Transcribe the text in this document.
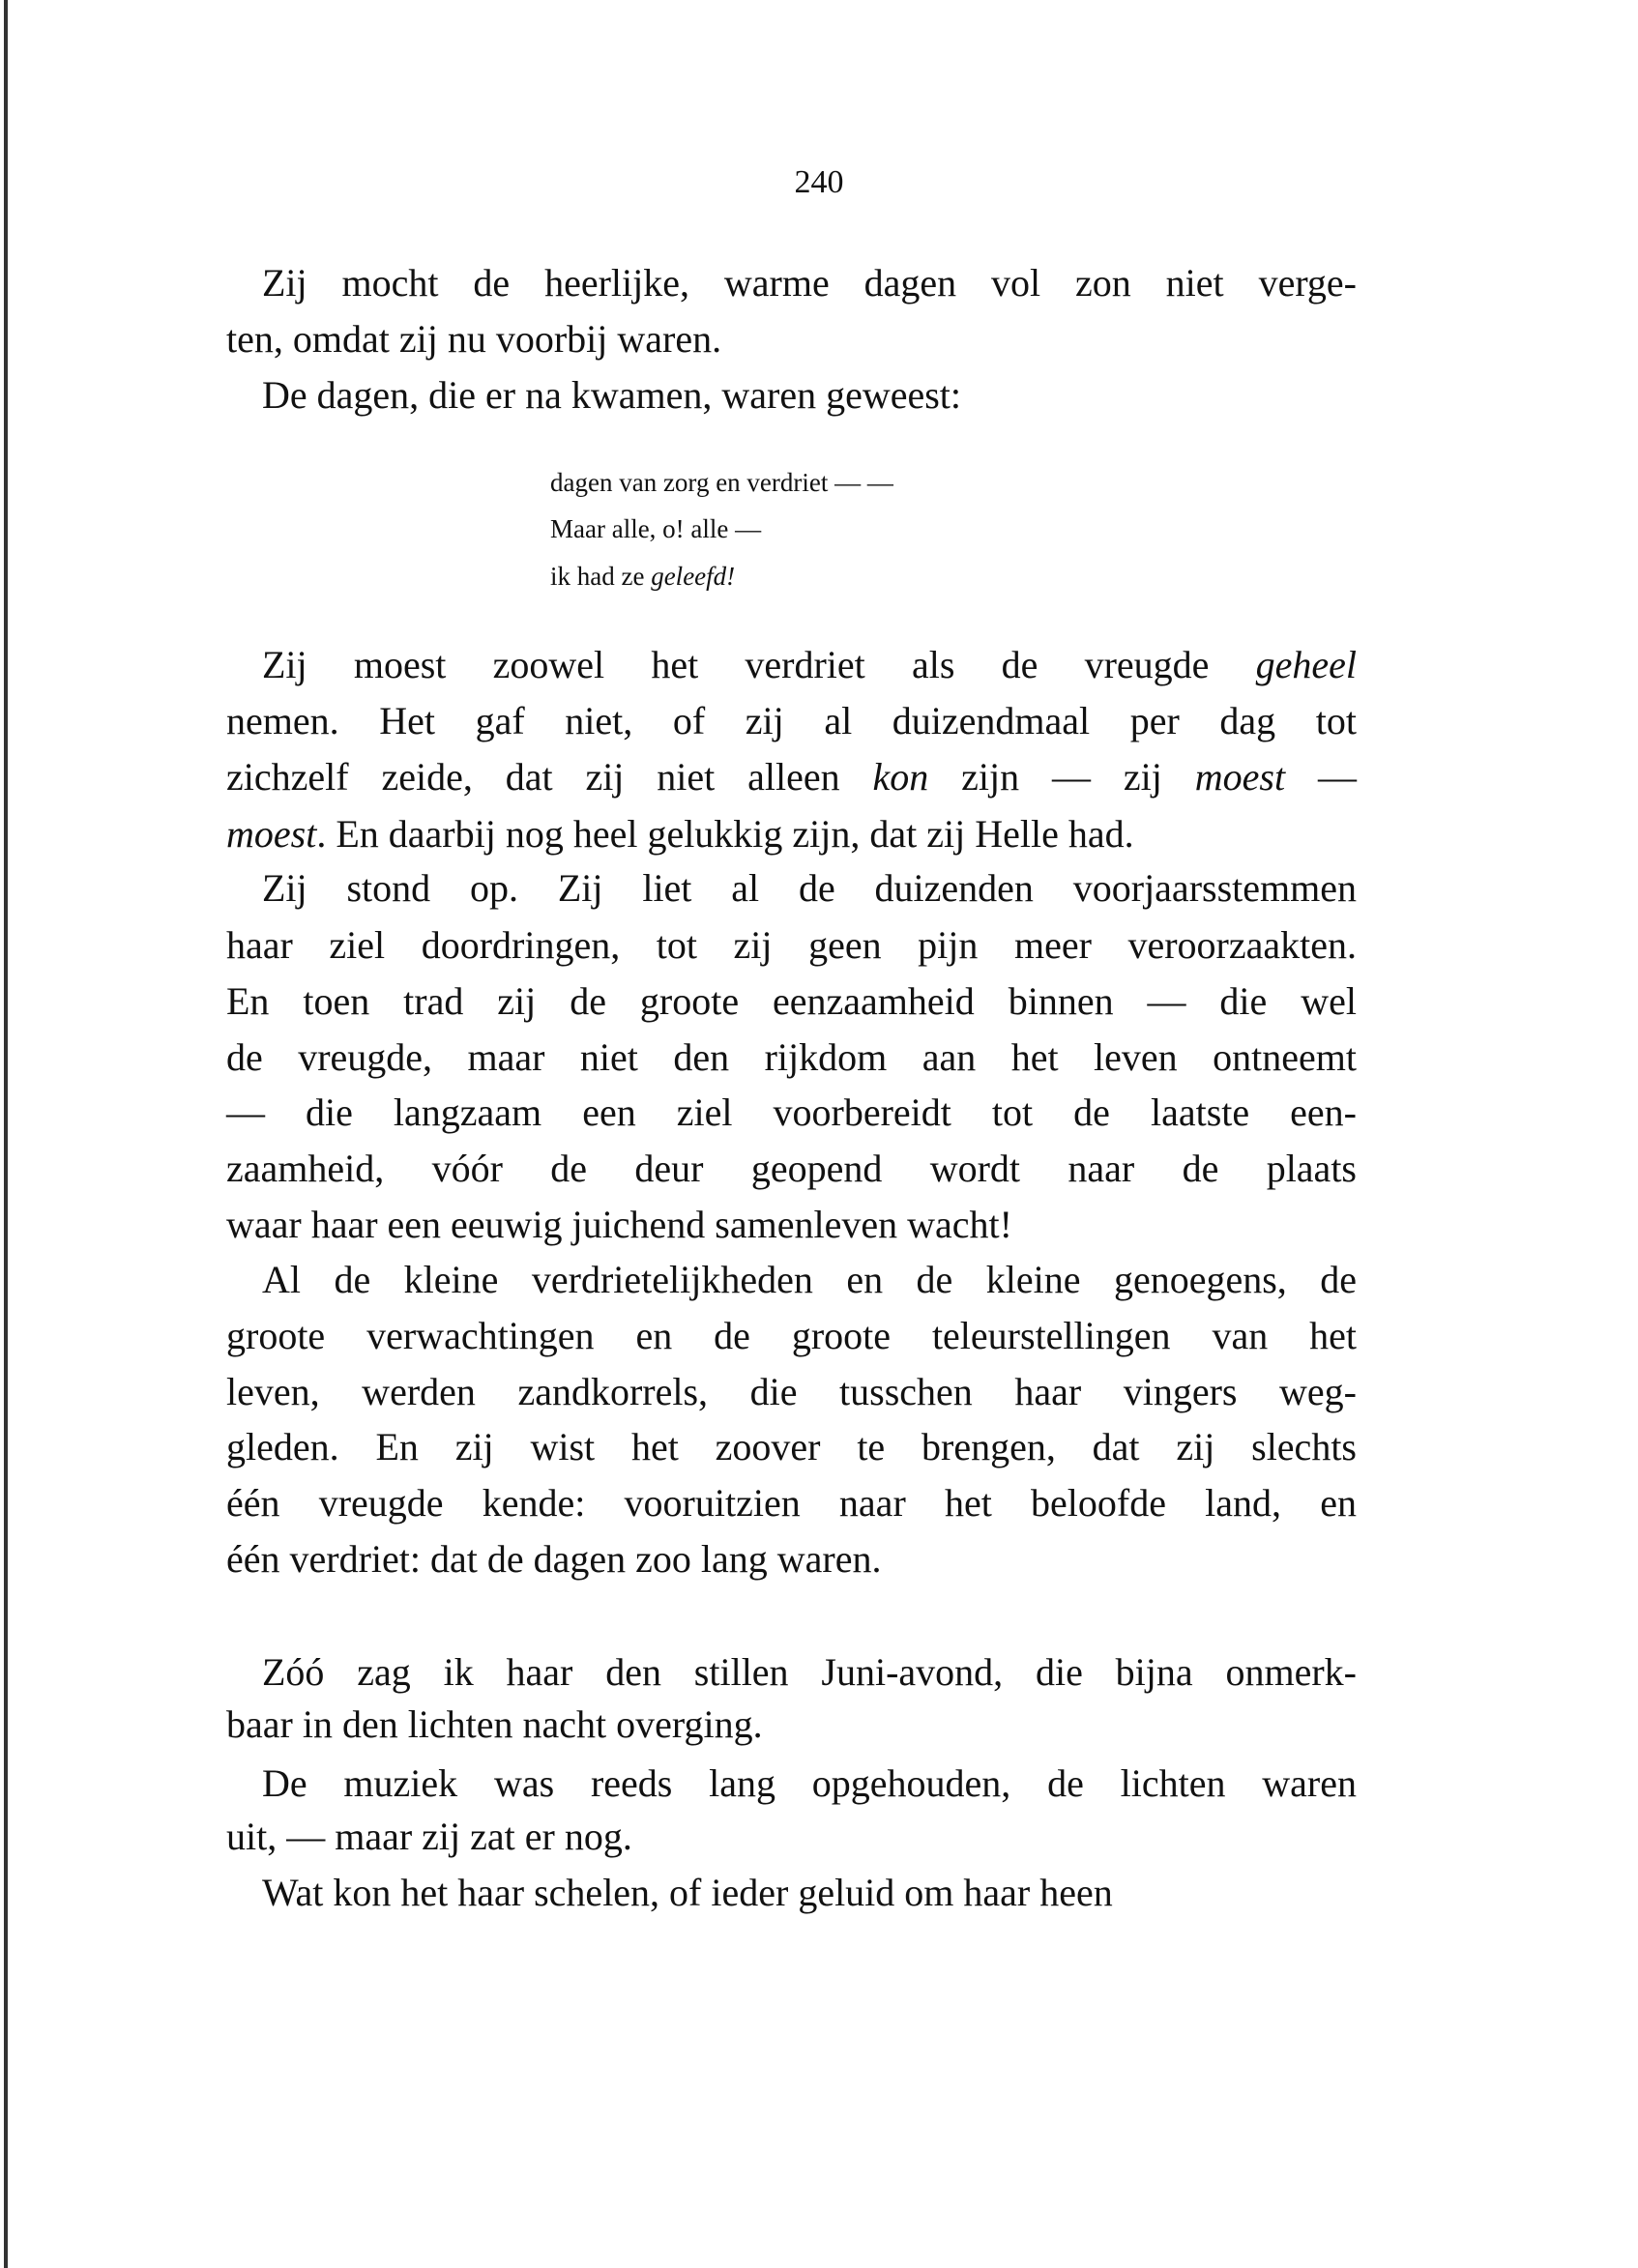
240
Zij mocht de heerlijke, warme dagen vol zon niet verge-
ten, omdat zij nu voorbij waren.
De dagen, die er na kwamen, waren geweest:
dagen van zorg en verdriet — —
Maar alle, o! alle —
ik had ze geleefd!
Zij moest zoowel het verdriet als de vreugde geheel
nemen. Het gaf niet, of zij al duizendmaal per dag tot
zichzelf zeide, dat zij niet alleen kon zijn — zij moest —
moest. En daarbij nog heel gelukkig zijn, dat zij Helle had.
Zij stond op. Zij liet al de duizenden voorjaarsstemmen
haar ziel doordringen, tot zij geen pijn meer veroorzaakten.
En toen trad zij de groote eenzaamheid binnen — die wel
de vreugde, maar niet den rijkdom aan het leven ontneemt
— die langzaam een ziel voorbereidt tot de laatste een-
zaamheid, vóór de deur geopend wordt naar de plaats
waar haar een eeuwig juichend samenleven wacht!
Al de kleine verdrietelijkheden en de kleine genoegens, de
groote verwachtingen en de groote teleurstellingen van het
leven, werden zandkorrels, die tusschen haar vingers weg-
gleden. En zij wist het zoover te brengen, dat zij slechts
één vreugde kende: vooruitzien naar het beloofde land, en
één verdriet: dat de dagen zoo lang waren.
Zóó zag ik haar den stillen Juni-avond, die bijna onmerk-
baar in den lichten nacht overging.
De muziek was reeds lang opgehouden, de lichten waren
uit, — maar zij zat er nog.
Wat kon het haar schelen, of ieder geluid om haar heen
